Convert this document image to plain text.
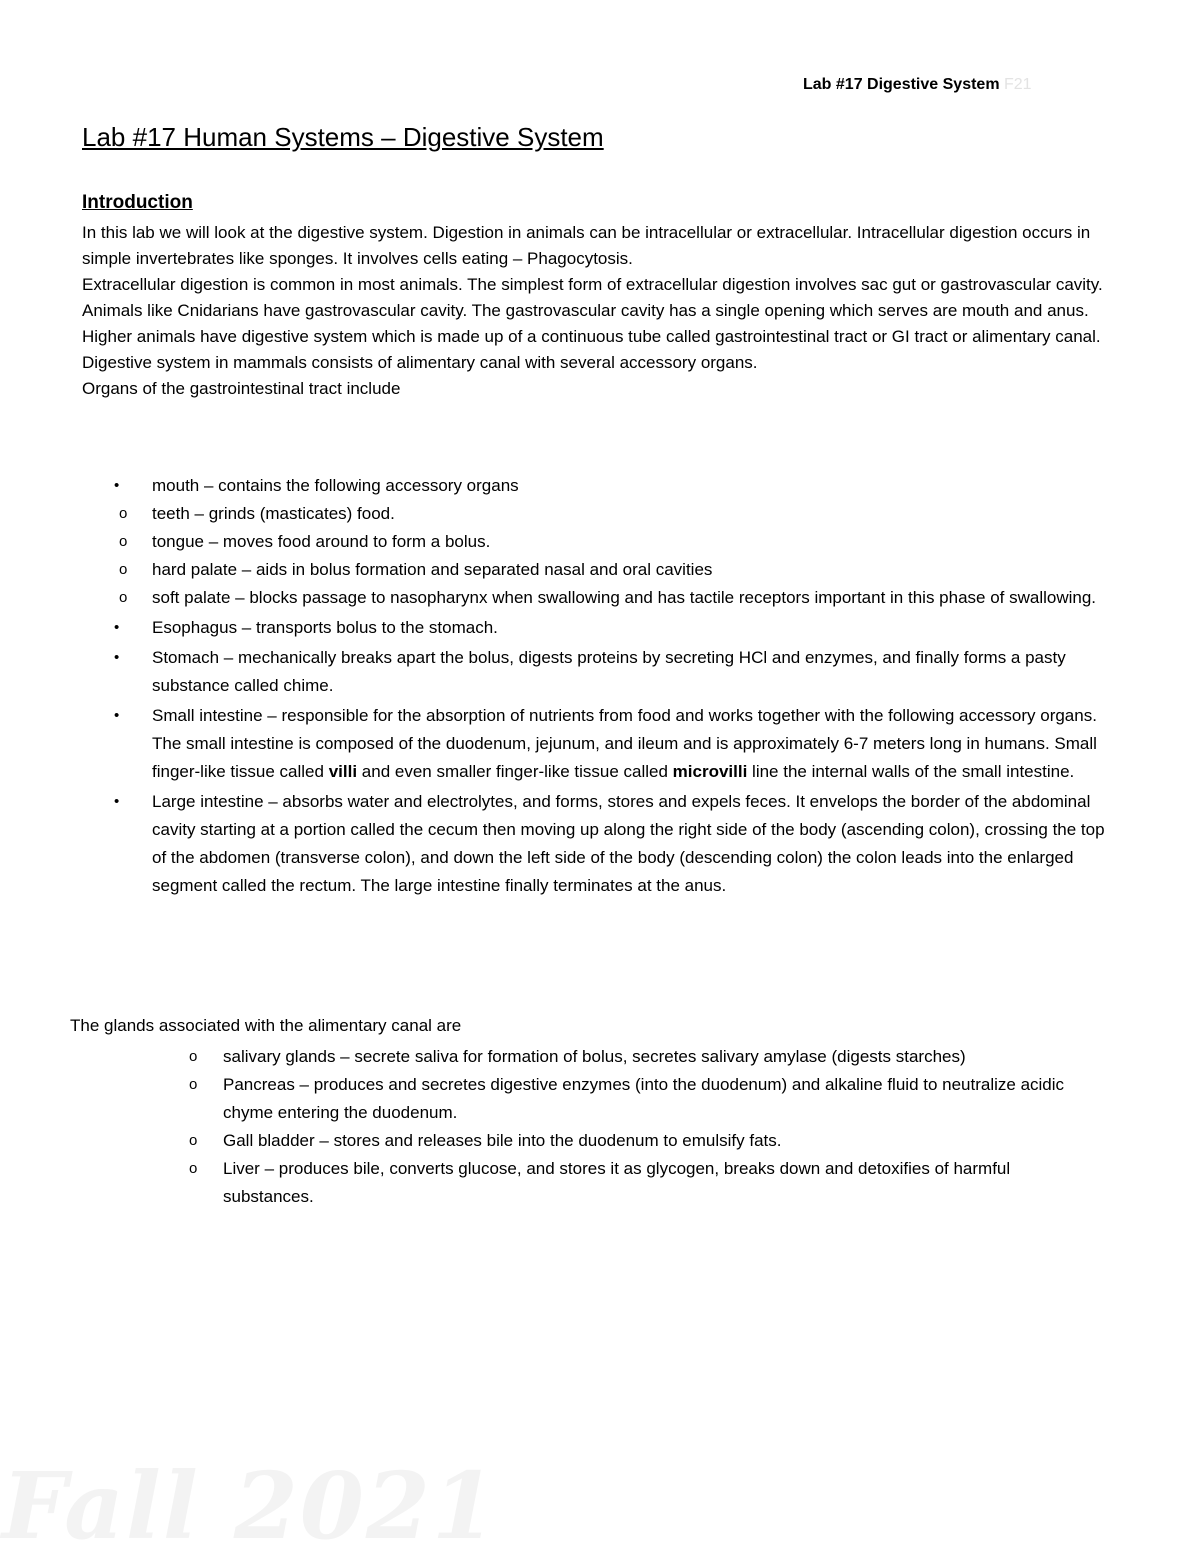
Lab #17 Digestive System F21
Lab #17 Human Systems – Digestive System
Introduction

In this lab we will look at the digestive system. Digestion in animals can be intracellular or extracellular. Intracellular digestion occurs in simple invertebrates like sponges. It involves cells eating – Phagocytosis.

Extracellular digestion is common in most animals. The simplest form of extracellular digestion involves sac gut or gastrovascular cavity. Animals like Cnidarians have gastrovascular cavity. The gastrovascular cavity has a single opening which serves are mouth and anus.

Higher animals have digestive system which is made up of a continuous tube called gastrointestinal tract or GI tract or alimentary canal.

Digestive system in mammals consists of alimentary canal with several accessory organs.

Organs of the gastrointestinal tract include

• mouth – contains the following accessory organs
o teeth – grinds (masticates) food.
o tongue – moves food around to form a bolus.
o hard palate – aids in bolus formation and separated nasal and oral cavities
o soft palate – blocks passage to nasopharynx when swallowing and has tactile receptors important in this phase of swallowing.
• Esophagus – transports bolus to the stomach.
• Stomach – mechanically breaks apart the bolus, digests proteins by secreting HCl and enzymes, and finally forms a pasty substance called chime.
• Small intestine – responsible for the absorption of nutrients from food and works together with the following accessory organs. The small intestine is composed of the duodenum, jejunum, and ileum and is approximately 6-7 meters long in humans. Small finger-like tissue called villi and even smaller finger-like tissue called microvilli line the internal walls of the small intestine.
• Large intestine – absorbs water and electrolytes, and forms, stores and expels feces. It envelops the border of the abdominal cavity starting at a portion called the cecum then moving up along the right side of the body (ascending colon), crossing the top of the abdomen (transverse colon), and down the left side of the body (descending colon) the colon leads into the enlarged segment called the rectum. The large intestine finally terminates at the anus.
The glands associated with the alimentary canal are
o salivary glands – secrete saliva for formation of bolus, secretes salivary amylase (digests starches)
o Pancreas – produces and secretes digestive enzymes (into the duodenum) and alkaline fluid to neutralize acidic chyme entering the duodenum.
o Gall bladder – stores and releases bile into the duodenum to emulsify fats.
o Liver – produces bile, converts glucose, and stores it as glycogen, breaks down and detoxifies of harmful substances.
Fall 2021
